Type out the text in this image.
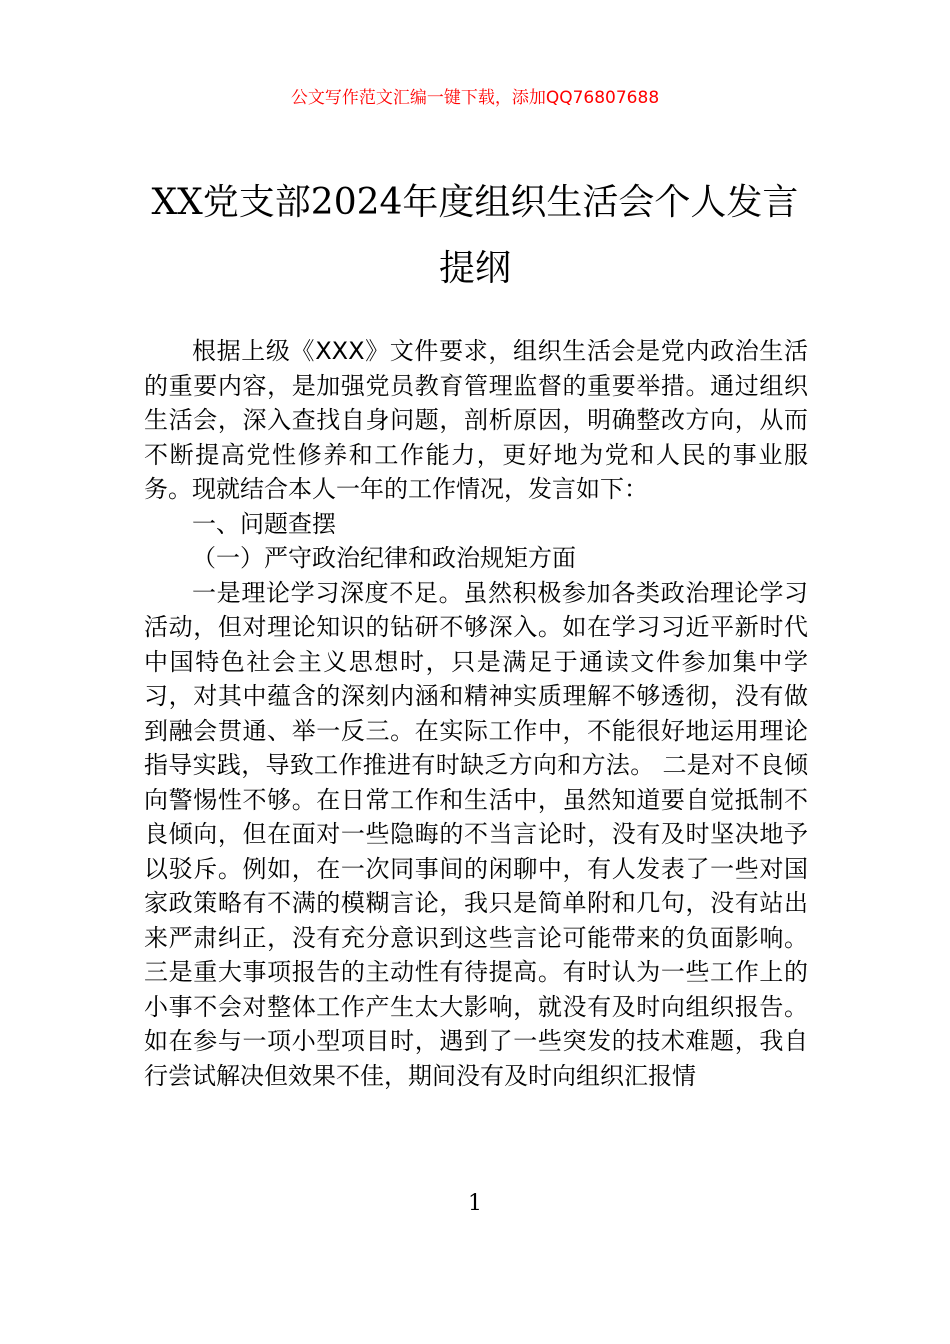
公文写作范文汇编一键下载，添加QQ76807688
XX党支部2024年度组织生活会个人发言提纲

根据上级《XXX》文件要求，组织生活会是党内政治生活的重要内容，是加强党员教育管理监督的重要举措。通过组织生活会，深入查找自身问题，剖析原因，明确整改方向，从而不断提高党性修养和工作能力，更好地为党和人民的事业服务。现就结合本人一年的工作情况，发言如下：

一、问题查摆

（一）严守政治纪律和政治规矩方面

一是理论学习深度不足。虽然积极参加各类政治理论学习活动，但对理论知识的钻研不够深入。如在学习习近平新时代中国特色社会主义思想时，只是满足于通读文件参加集中学习，对其中蕴含的深刻内涵和精神实质理解不够透彻，没有做到融会贯通、举一反三。在实际工作中，不能很好地运用理论指导实践，导致工作推进有时缺乏方向和方法。 二是对不良倾向警惕性不够。在日常工作和生活中，虽然知道要自觉抵制不良倾向，但在面对一些隐晦的不当言论时，没有及时坚决地予以驳斥。例如，在一次同事间的闲聊中，有人发表了一些对国家政策略有不满的模糊言论，我只是简单附和几句，没有站出来严肃纠正，没有充分意识到这些言论可能带来的负面影响。 三是重大事项报告的主动性有待提高。有时认为一些工作上的小事不会对整体工作产生太大影响，就没有及时向组织报告。如在参与一项小型项目时，遇到了一些突发的技术难题，我自行尝试解决但效果不佳，期间没有及时向组织汇报情

1
